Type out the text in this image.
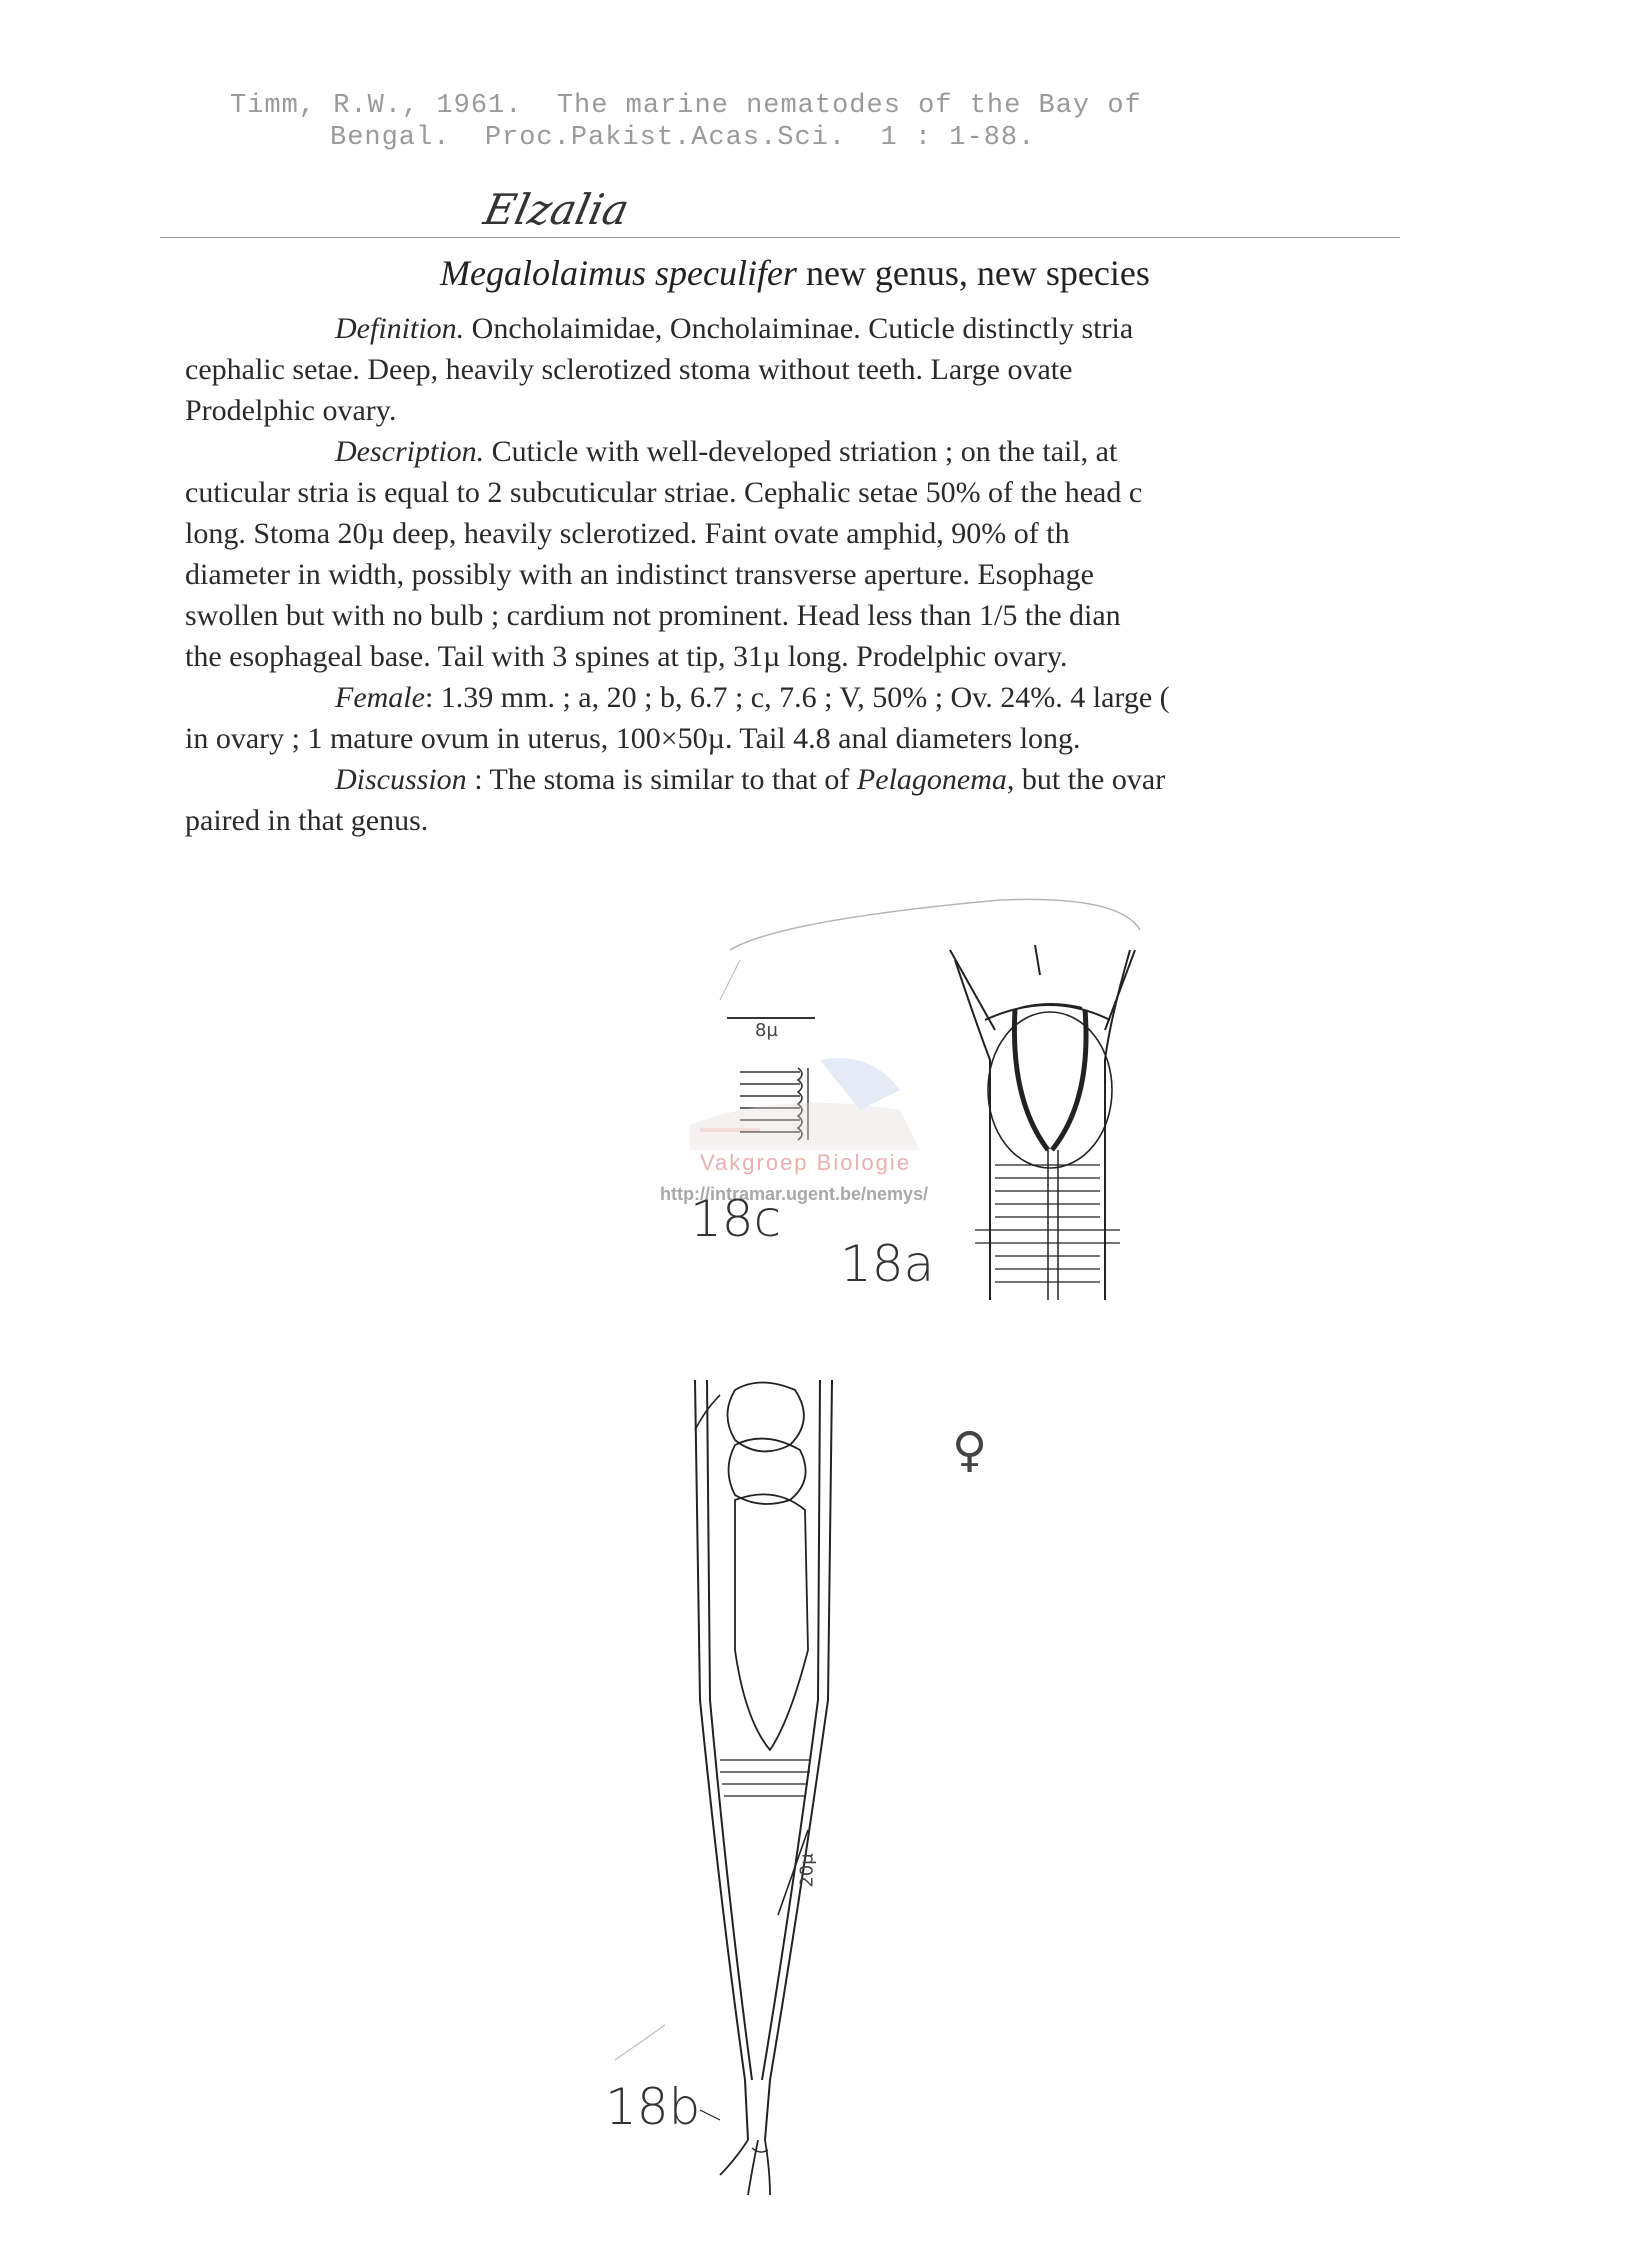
Timm, R.W., 1961.  The marine nematodes of the Bay of
Bengal.  Proc.Pakist.Acas.Sci.  1 : 1-88.
Elzalia
Megalolaimus speculifer new genus, new species

Definition. Oncholaimidae, Oncholaiminae. Cuticle distinctly stria

cephalic setae. Deep, heavily sclerotized stoma without teeth. Large ovate

Prodelphic ovary.

Description. Cuticle with well-developed striation ; on the tail, at

cuticular stria is equal to 2 subcuticular striae. Cephalic setae 50% of the head c

long. Stoma 20µ deep, heavily sclerotized. Faint ovate amphid, 90% of th

diameter in width, possibly with an indistinct transverse aperture. Esophage

swollen but with no bulb ; cardium not prominent. Head less than 1/5 the dian

the esophageal base. Tail with 3 spines at tip, 31µ long. Prodelphic ovary.

Female: 1.39 mm. ; a, 20 ; b, 6.7 ; c, 7.6 ; V, 50% ; Ov. 24%. 4 large (

in ovary ; 1 mature ovum in uterus, 100×50µ. Tail 4.8 anal diameters long.

Discussion : The stoma is similar to that of Pelagonema, but the ovar

paired in that genus.

8µ
20µ
Vakgroep Biologie
http://intramar.ugent.be/nemys/
18c
18a
18b
♀
